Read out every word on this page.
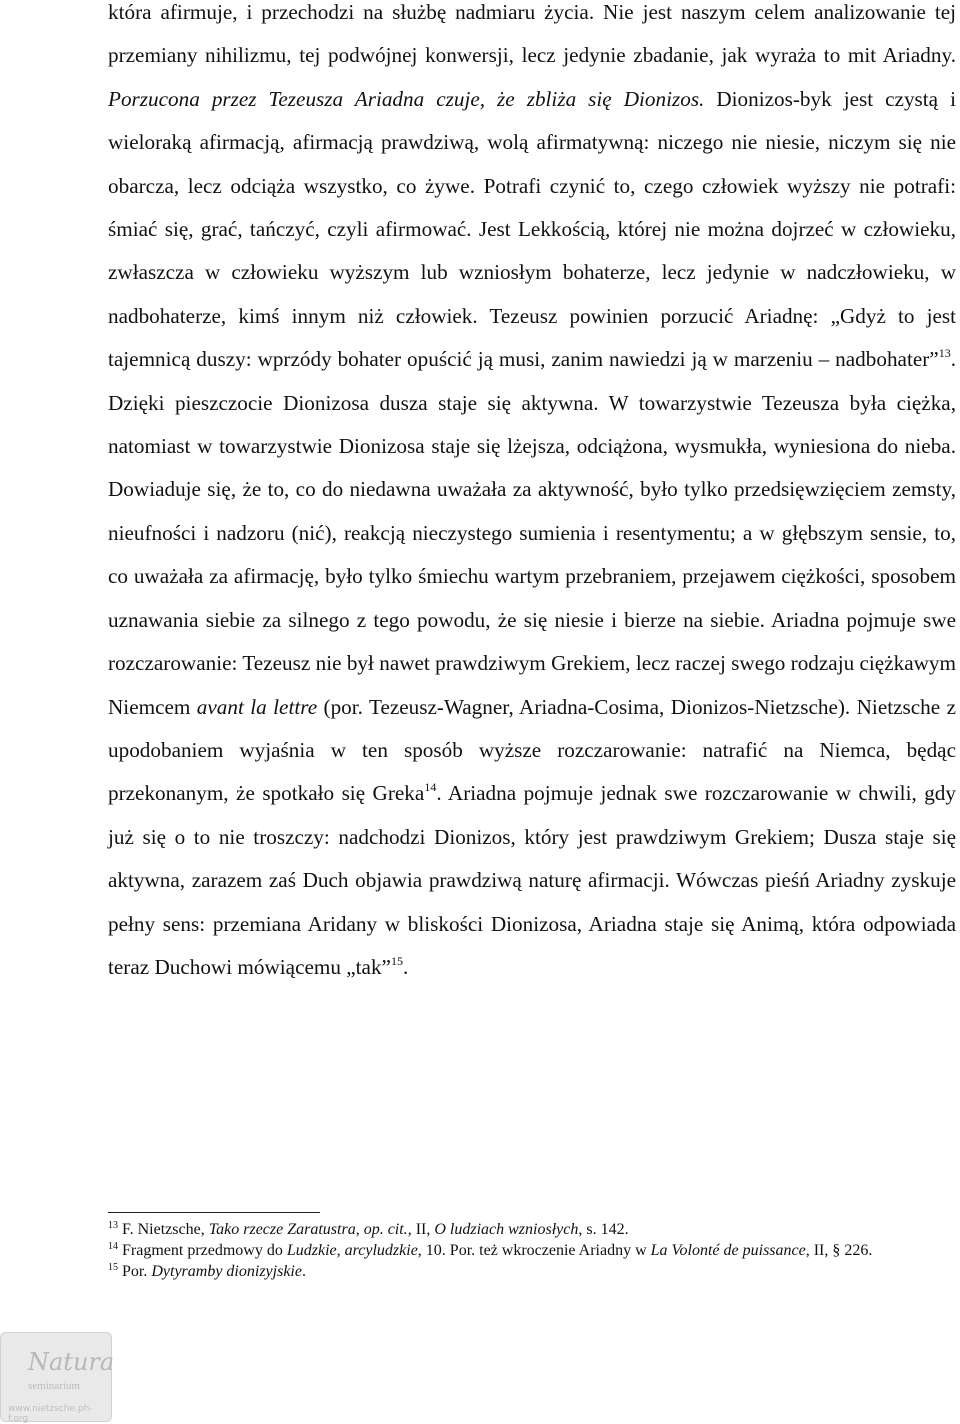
która afirmuje, i przechodzi na służbę nadmiaru życia. Nie jest naszym celem analizowanie tej przemiany nihilizmu, tej podwójnej konwersji, lecz jedynie zbadanie, jak wyraża to mit Ariadny. Porzucona przez Tezeusza Ariadna czuje, że zbliża się Dionizos. Dionizos-byk jest czystą i wieloraką afirmacją, afirmacją prawdziwą, wolą afirmatywną: niczego nie niesie, niczym się nie obarcza, lecz odciąża wszystko, co żywe. Potrafi czynić to, czego człowiek wyższy nie potrafi: śmiać się, grać, tańczyć, czyli afirmować. Jest Lekkością, której nie można dojrzeć w człowieku, zwłaszcza w człowieku wyższym lub wzniosłym bohaterze, lecz jedynie w nadczłowieku, w nadbohaterze, kimś innym niż człowiek. Tezeusz powinien porzucić Ariadnę: „Gdyż to jest tajemnicą duszy: wprzódy bohater opuścić ją musi, zanim nawiedzi ją w marzeniu – nadbohater”$^{13}$. Dzięki pieszczocie Dionizosa dusza staje się aktywna. W towarzystwie Tezeusza była ciężka, natomiast w towarzystwie Dionizosa staje się lżejsza, odciążona, wysmukła, wyniesiona do nieba. Dowiaduje się, że to, co do niedawna uważała za aktywność, było tylko przedsięwzięciem zemsty, nieufności i nadzoru (nić), reakcją nieczystego sumienia i resentymentu; a w głębszym sensie, to, co uważała za afirmację, było tylko śmiechu wartym przebraniem, przejawem ciężkości, sposobem uznawania siebie za silnego z tego powodu, że się niesie i bierze na siebie. Ariadna pojmuje swe rozczarowanie: Tezeusz nie był nawet prawdziwym Grekiem, lecz raczej swego rodzaju ciężkawym Niemcem avant la lettre (por. Tezeusz-Wagner, Ariadna-Cosima, Dionizos-Nietzsche). Nietzsche z upodobaniem wyjaśnia w ten sposób wyższe rozczarowanie: natrafić na Niemca, będąc przekonanym, że spotkało się Greka$^{14}$. Ariadna pojmuje jednak swe rozczarowanie w chwili, gdy już się o to nie troszczy: nadchodzi Dionizos, który jest prawdziwym Grekiem; Dusza staje się aktywna, zarazem zaś Duch objawia prawdziwą naturę afirmacji. Wówczas pieśń Ariadny zyskuje pełny sens: przemiana Aridany w bliskości Dionizosa, Ariadna staje się Animą, która odpowiada teraz Duchowi mówiącemu „tak”$^{15}$.

$^{13}$ F. Nietzsche, Tako rzecze Zaratustra, op. cit., II, O ludziach wzniosłych, s. 142.

$^{14}$ Fragment przedmowy do Ludzkie, arcyludzkie, 10. Por. też wkroczenie Ariadny w La Volonté de puissance, II, § 226.

$^{15}$ Por. Dytyramby dionizyjskie.

Natura
seminarium
www.nietzsche.ph-f.org
